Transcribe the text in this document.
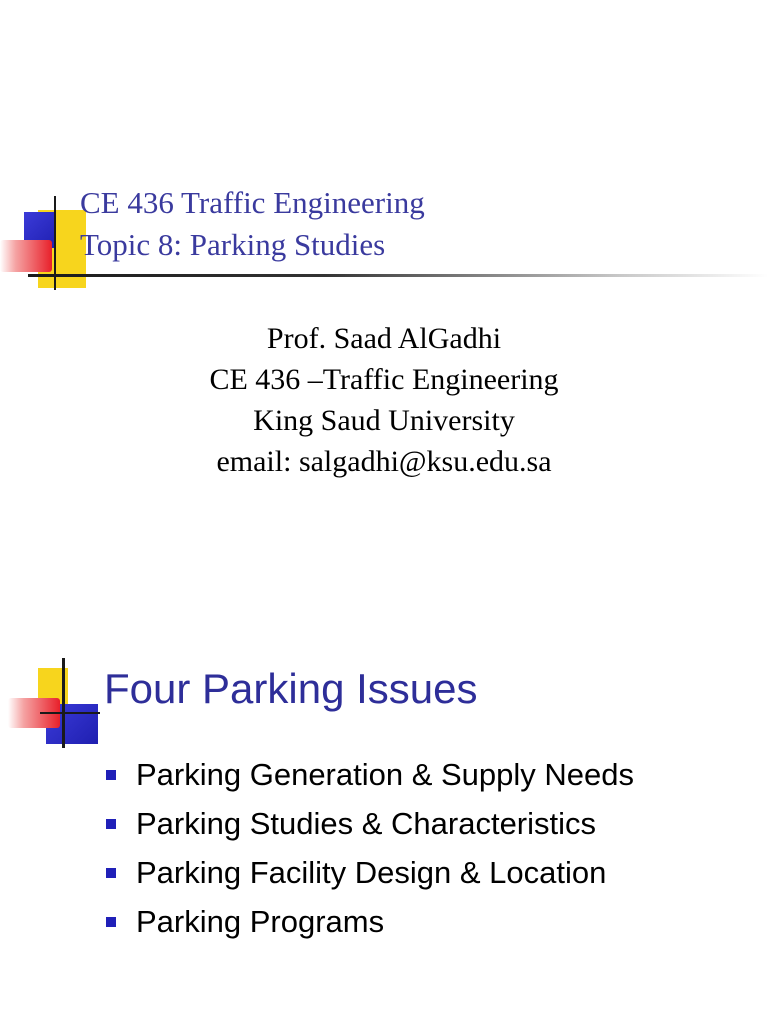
CE 436 Traffic Engineering
Topic 8: Parking Studies
Prof. Saad AlGadhi
CE 436 –Traffic Engineering
King Saud University
email: salgadhi@ksu.edu.sa
Four Parking Issues
Parking Generation & Supply Needs
Parking Studies & Characteristics
Parking Facility Design & Location
Parking Programs
